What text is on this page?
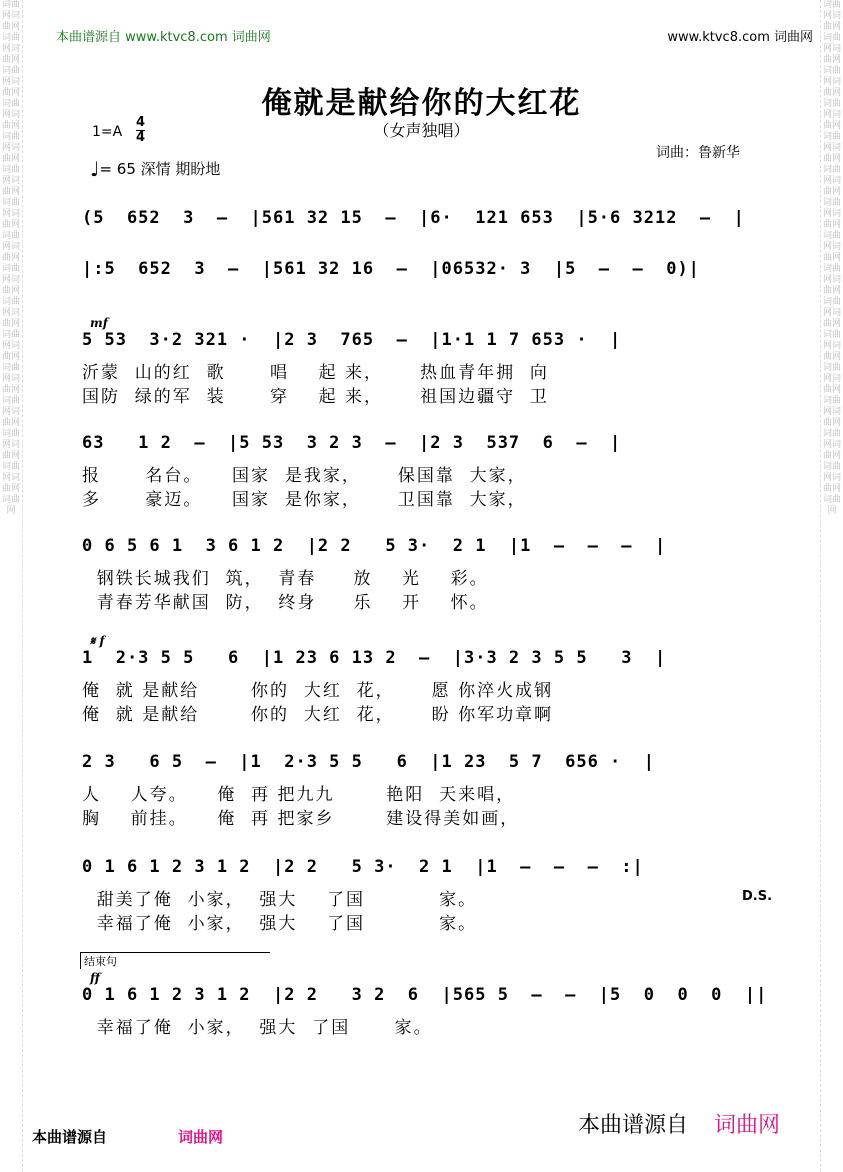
词曲网词曲网词曲网词曲网词曲网词曲网词曲网词曲网词曲网词曲网词曲网词曲网词曲网词曲网词曲网词曲网词曲网词曲网词曲网词曲网词曲网词曲网词曲网词曲网词曲网词曲网词曲网词曲网词曲网词曲网词曲网
词曲网词曲网词曲网词曲网词曲网词曲网词曲网词曲网词曲网词曲网词曲网词曲网词曲网词曲网词曲网词曲网词曲网词曲网词曲网词曲网词曲网词曲网词曲网词曲网词曲网词曲网词曲网词曲网词曲网词曲网词曲网
本曲谱源自 www.ktvc8.com 词曲网	www.ktvc8.com 词曲网
俺就是献给你的大红花
（女声独唱）
1=A
4
4
词曲：鲁新华
♩= 65 深情 期盼地
(5  652  3  –  |561 32 15  –  |6·  121 653  |5·6 3212  –  |
|:5  652  3  –  |561 32 16  –  |06532· 3  |5  –  –  0)|
5 53  3·2 321 ·  |2 3  765  –  |1·1 1 7 653 ·  |
mf
沂蒙  山的红  歌      唱    起 来，     热血青年拥  向
国防  绿的军  装      穿    起 来，     祖国边疆守  卫
63   1 2  –  |5 53  3 2 3  –  |2 3  537  6  –  |
报      名台。    国家  是我家，     保国靠  大家，
多      豪迈。    国家  是你家，     卫国靠  大家，
0 6 5 6 1  3 6 1 2  |2 2   5 3·  2 1  |1  –  –  –  |
钢铁长城我们  筑，  青春     放    光    彩。
青春芳华献国  防，  终身     乐    开    怀。
1  2·3 5 5   6  |1 23 6 13 2  –  |3·3 2 3 5 5   3  |
𝄋 f
俺  就 是献给       你的  大红  花，     愿 你淬火成钢
俺  就 是献给       你的  大红  花，     盼 你军功章啊
2 3   6 5  –  |1  2·3 5 5   6  |1 23  5 7  656 ·  |
人    人夸。    俺  再 把九九       艳阳  天来唱，
胸    前挂。    俺  再 把家乡       建设得美如画，
0 1 6 1 2 3 1 2  |2 2   5 3·  2 1  |1  –  –  –  :|
D.S.
甜美了俺  小家，  强大    了国          家。
幸福了俺  小家，  强大    了国          家。
0 1 6 1 2 3 1 2  |2 2   3 2  6  |565 5  –  –  |5  0  0  0  ||
ff
幸福了俺  小家，  强大  了国      家。
结束句
本曲谱源自	词曲网	本曲谱源自 词曲网
